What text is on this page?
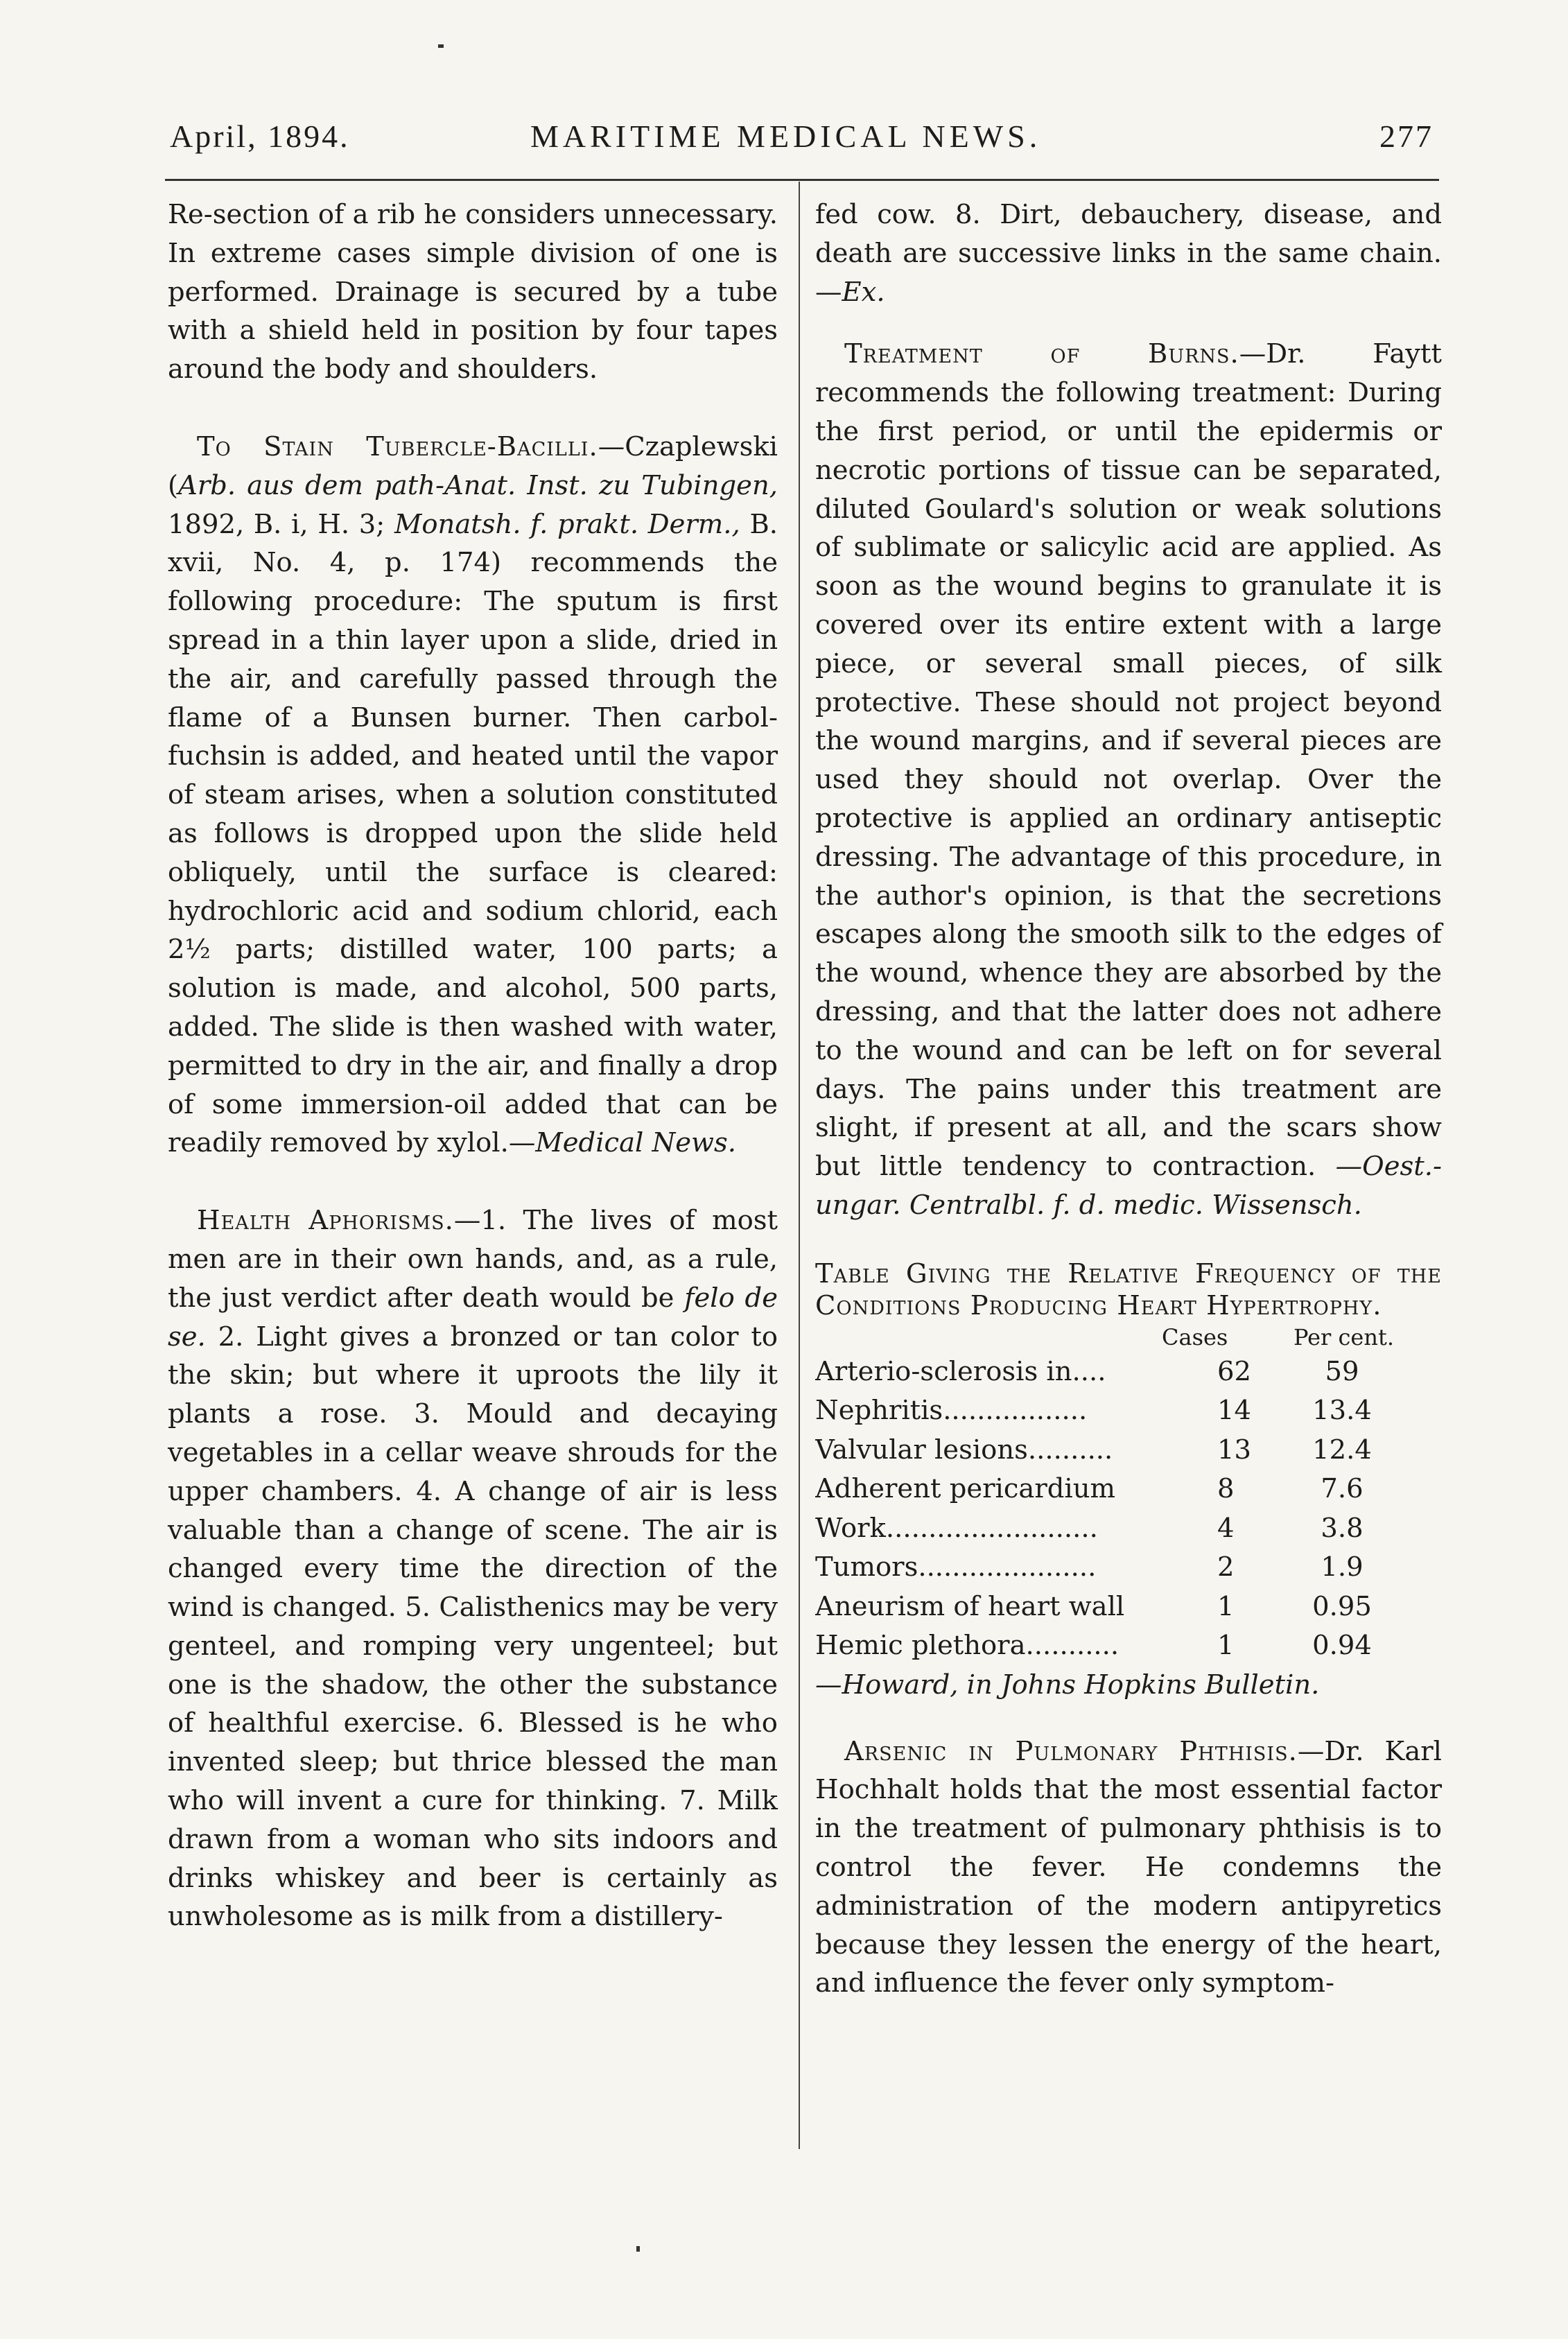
April, 1894.	MARITIME MEDICAL NEWS.	277

Re-section of a rib he considers unnecessary. In extreme cases simple division of one is performed. Drainage is secured by a tube with a shield held in position by four tapes around the body and shoulders.

To Stain Tubercle-Bacilli.—Czaplewski (Arb. aus dem path-Anat. Inst. zu Tubingen, 1892, B. i, H. 3; Monatsh. f. prakt. Derm., B. xvii, No. 4, p. 174) recommends the following procedure: The sputum is first spread in a thin layer upon a slide, dried in the air, and carefully passed through the flame of a Bunsen burner. Then carbol-fuchsin is added, and heated until the vapor of steam arises, when a solution constituted as follows is dropped upon the slide held obliquely, until the surface is cleared: hydrochloric acid and sodium chlorid, each 2½ parts; distilled water, 100 parts; a solution is made, and alcohol, 500 parts, added. The slide is then washed with water, permitted to dry in the air, and finally a drop of some immersion-oil added that can be readily removed by xylol.—Medical News.

Health Aphorisms.—1. The lives of most men are in their own hands, and, as a rule, the just verdict after death would be felo de se. 2. Light gives a bronzed or tan color to the skin; but where it uproots the lily it plants a rose. 3. Mould and decaying vegetables in a cellar weave shrouds for the upper chambers. 4. A change of air is less valuable than a change of scene. The air is changed every time the direction of the wind is changed. 5. Calisthenics may be very genteel, and romping very ungenteel; but one is the shadow, the other the substance of healthful exercise. 6. Blessed is he who invented sleep; but thrice blessed the man who will invent a cure for thinking. 7. Milk drawn from a woman who sits indoors and drinks whiskey and beer is certainly as unwholesome as is milk from a distillery-

fed cow. 8. Dirt, debauchery, disease, and death are successive links in the same chain.—Ex.

Treatment of Burns.—Dr. Faytt recommends the following treatment: During the first period, or until the epidermis or necrotic portions of tissue can be separated, diluted Goulard's solution or weak solutions of sublimate or salicylic acid are applied. As soon as the wound begins to granulate it is covered over its entire extent with a large piece, or several small pieces, of silk protective. These should not project beyond the wound margins, and if several pieces are used they should not overlap. Over the protective is applied an ordinary antiseptic dressing. The advantage of this procedure, in the author's opinion, is that the secretions escapes along the smooth silk to the edges of the wound, whence they are absorbed by the dressing, and that the latter does not adhere to the wound and can be left on for several days. The pains under this treatment are slight, if present at all, and the scars show but little tendency to contraction. —Oest.-ungar. Centralbl. f. d. medic. Wissensch.

Table Giving the Relative Frequency of the Conditions Producing Heart Hypertrophy.

Cases	Per cent.
Arterio-sclerosis in....	62	59
Nephritis.................	14	13.4
Valvular lesions..........	13	12.4
Adherent pericardium	8	7.6
Work.........................	4	3.8
Tumors.....................	2	1.9
Aneurism of heart wall	1	0.95
Hemic plethora...........	1	0.94

—Howard, in Johns Hopkins Bulletin.

Arsenic in Pulmonary Phthisis.—Dr. Karl Hochhalt holds that the most essential factor in the treatment of pulmonary phthisis is to control the fever. He condemns the administration of the modern antipyretics because they lessen the energy of the heart, and influence the fever only symptom-
